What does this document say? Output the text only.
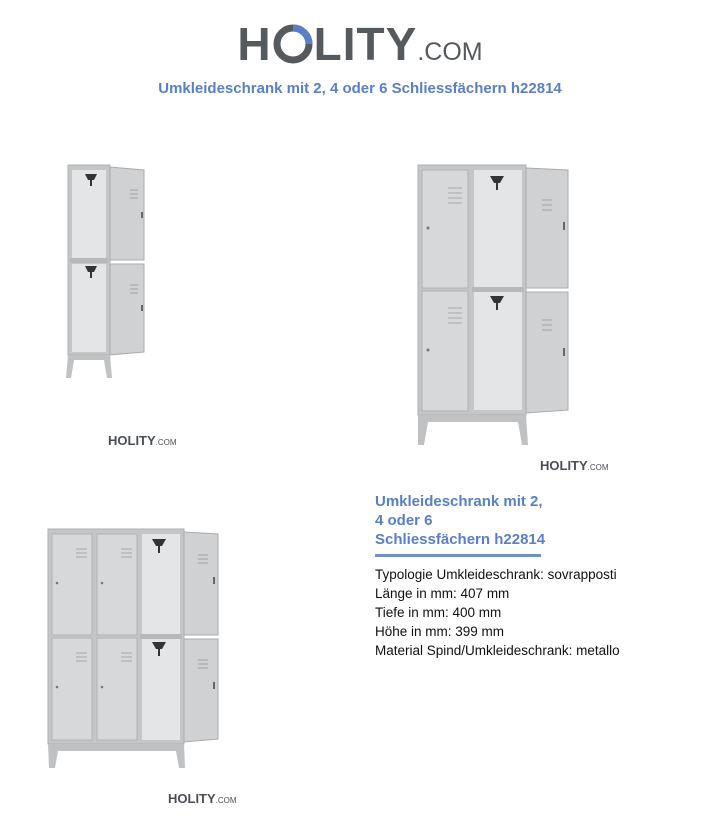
H LITY.COM
Umkleideschrank mit 2, 4 oder 6 Schliessfächern h22814
HOLITY.COM
HOLITY.COM
HOLITY.COM
Umkleideschrank mit 2,
4 oder 6
Schliessfächern h22814
Typologie Umkleideschrank: sovrapposti
Länge in mm: 407 mm
Tiefe in mm: 400 mm
Höhe in mm: 399 mm
Material Spind/Umkleideschrank: metallo
